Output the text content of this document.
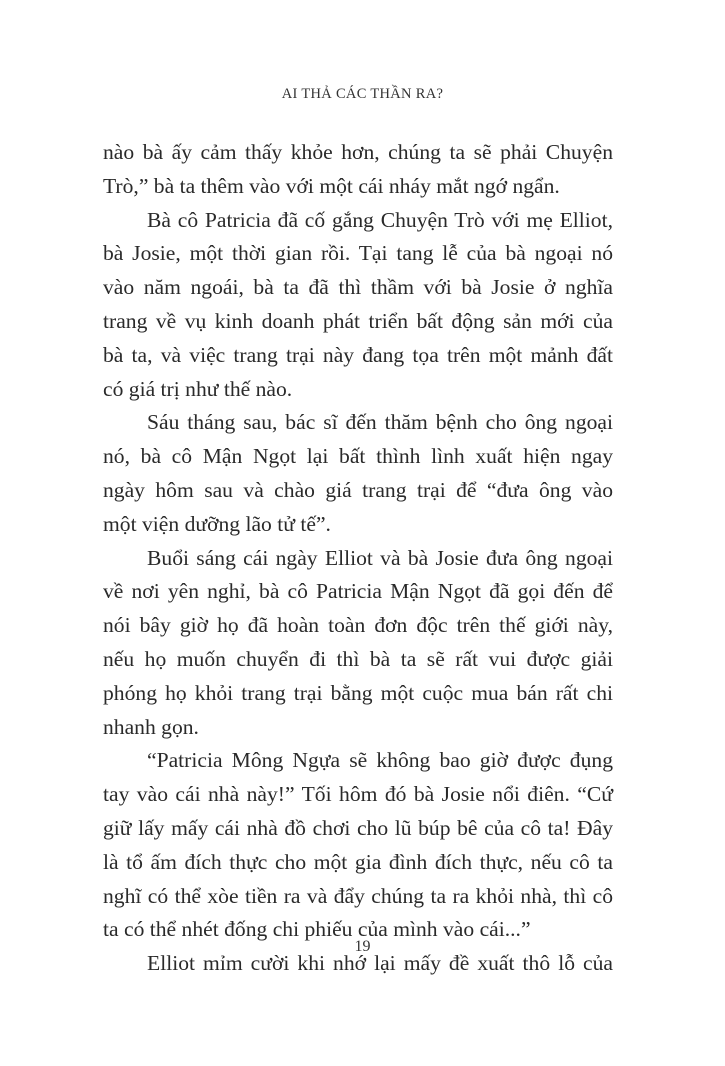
AI THẢ CÁC THẦN RA?
nào bà ấy cảm thấy khỏe hơn, chúng ta sẽ phải Chuyện
Trò,” bà ta thêm vào với một cái nháy mắt ngớ ngẩn.
Bà cô Patricia đã cố gắng Chuyện Trò với mẹ Elliot,
bà Josie, một thời gian rồi. Tại tang lễ của bà ngoại nó
vào năm ngoái, bà ta đã thì thầm với bà Josie ở nghĩa
trang về vụ kinh doanh phát triển bất động sản mới của
bà ta, và việc trang trại này đang tọa trên một mảnh đất
có giá trị như thế nào.
Sáu tháng sau, bác sĩ đến thăm bệnh cho ông ngoại
nó, bà cô Mận Ngọt lại bất thình lình xuất hiện ngay
ngày hôm sau và chào giá trang trại để “đưa ông vào
một viện dưỡng lão tử tế”.
Buổi sáng cái ngày Elliot và bà Josie đưa ông ngoại
về nơi yên nghỉ, bà cô Patricia Mận Ngọt đã gọi đến để
nói bây giờ họ đã hoàn toàn đơn độc trên thế giới này,
nếu họ muốn chuyển đi thì bà ta sẽ rất vui được giải
phóng họ khỏi trang trại bằng một cuộc mua bán rất chi
nhanh gọn.
“Patricia Mông Ngựa sẽ không bao giờ được đụng
tay vào cái nhà này!” Tối hôm đó bà Josie nổi điên. “Cứ
giữ lấy mấy cái nhà đồ chơi cho lũ búp bê của cô ta! Đây
là tổ ấm đích thực cho một gia đình đích thực, nếu cô ta
nghĩ có thể xòe tiền ra và đẩy chúng ta ra khỏi nhà, thì cô
ta có thể nhét đống chi phiếu của mình vào cái...”
Elliot mỉm cười khi nhớ lại mấy đề xuất thô lỗ của
19
